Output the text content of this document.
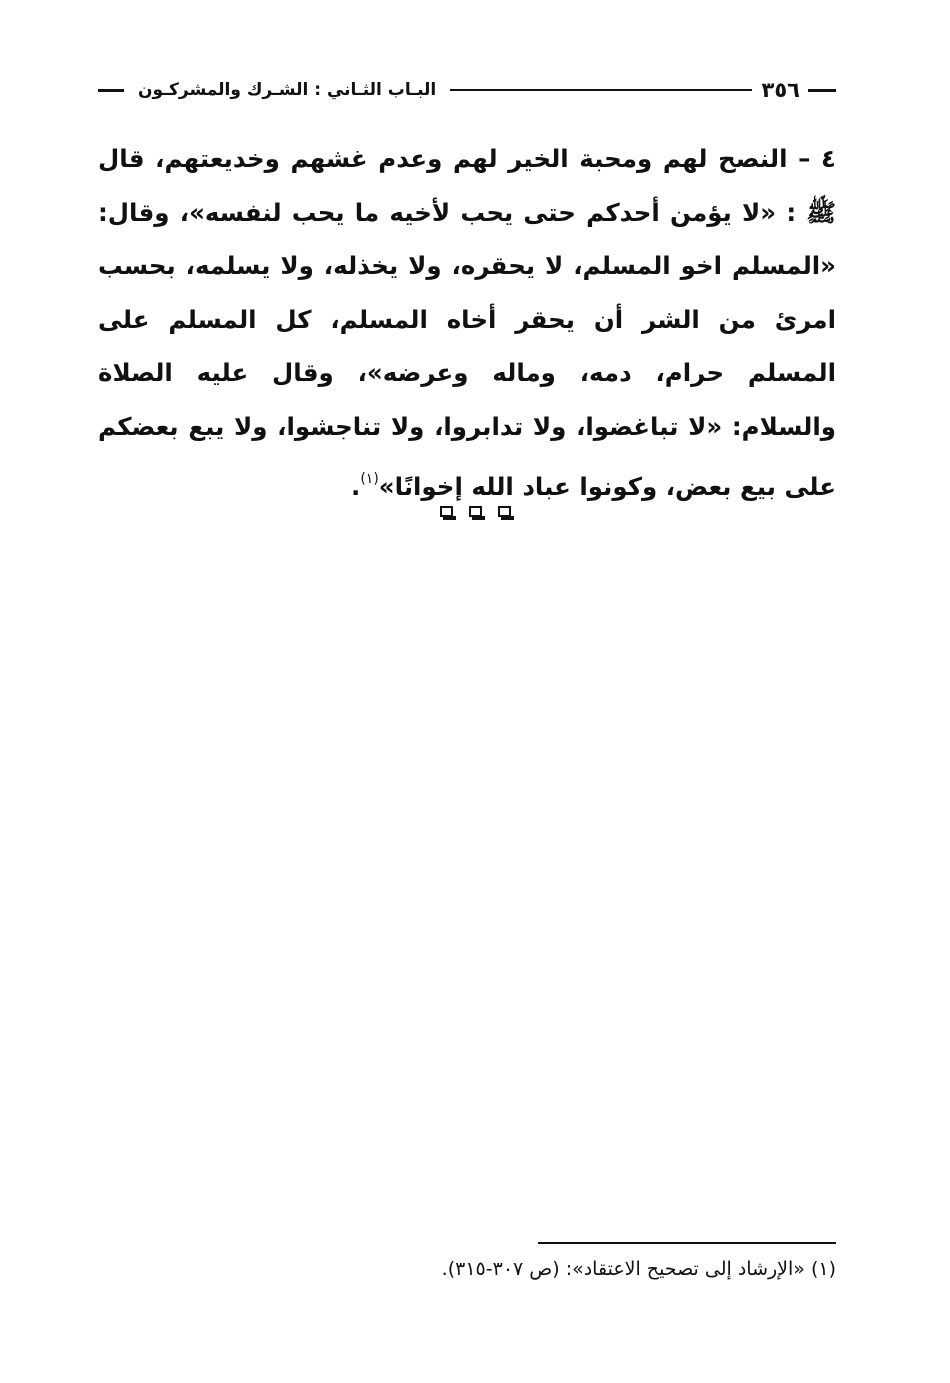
٣٥٦
البـاب الثـاني : الشـرك والمشركـون
٤ – النصح لهم ومحبة الخير لهم وعدم غشهم وخديعتهم، قال ﷺ : «لا يؤمن أحدكم حتى يحب لأخيه ما يحب لنفسه»، وقال: «المسلم اخو المسلم، لا يحقره، ولا يخذله، ولا يسلمه، بحسب امرئ من الشر أن يحقر أخاه المسلم، كل المسلم على المسلم حرام، دمه، وماله وعرضه»، وقال عليه الصلاة والسلام: «لا تباغضوا، ولا تدابروا، ولا تناجشوا، ولا يبع بعضكم على بيع بعض، وكونوا عباد الله إخوانًا»$^{(١)}$.
(١) «الإرشاد إلى تصحيح الاعتقاد»: (ص ٣٠٧-٣١٥).
